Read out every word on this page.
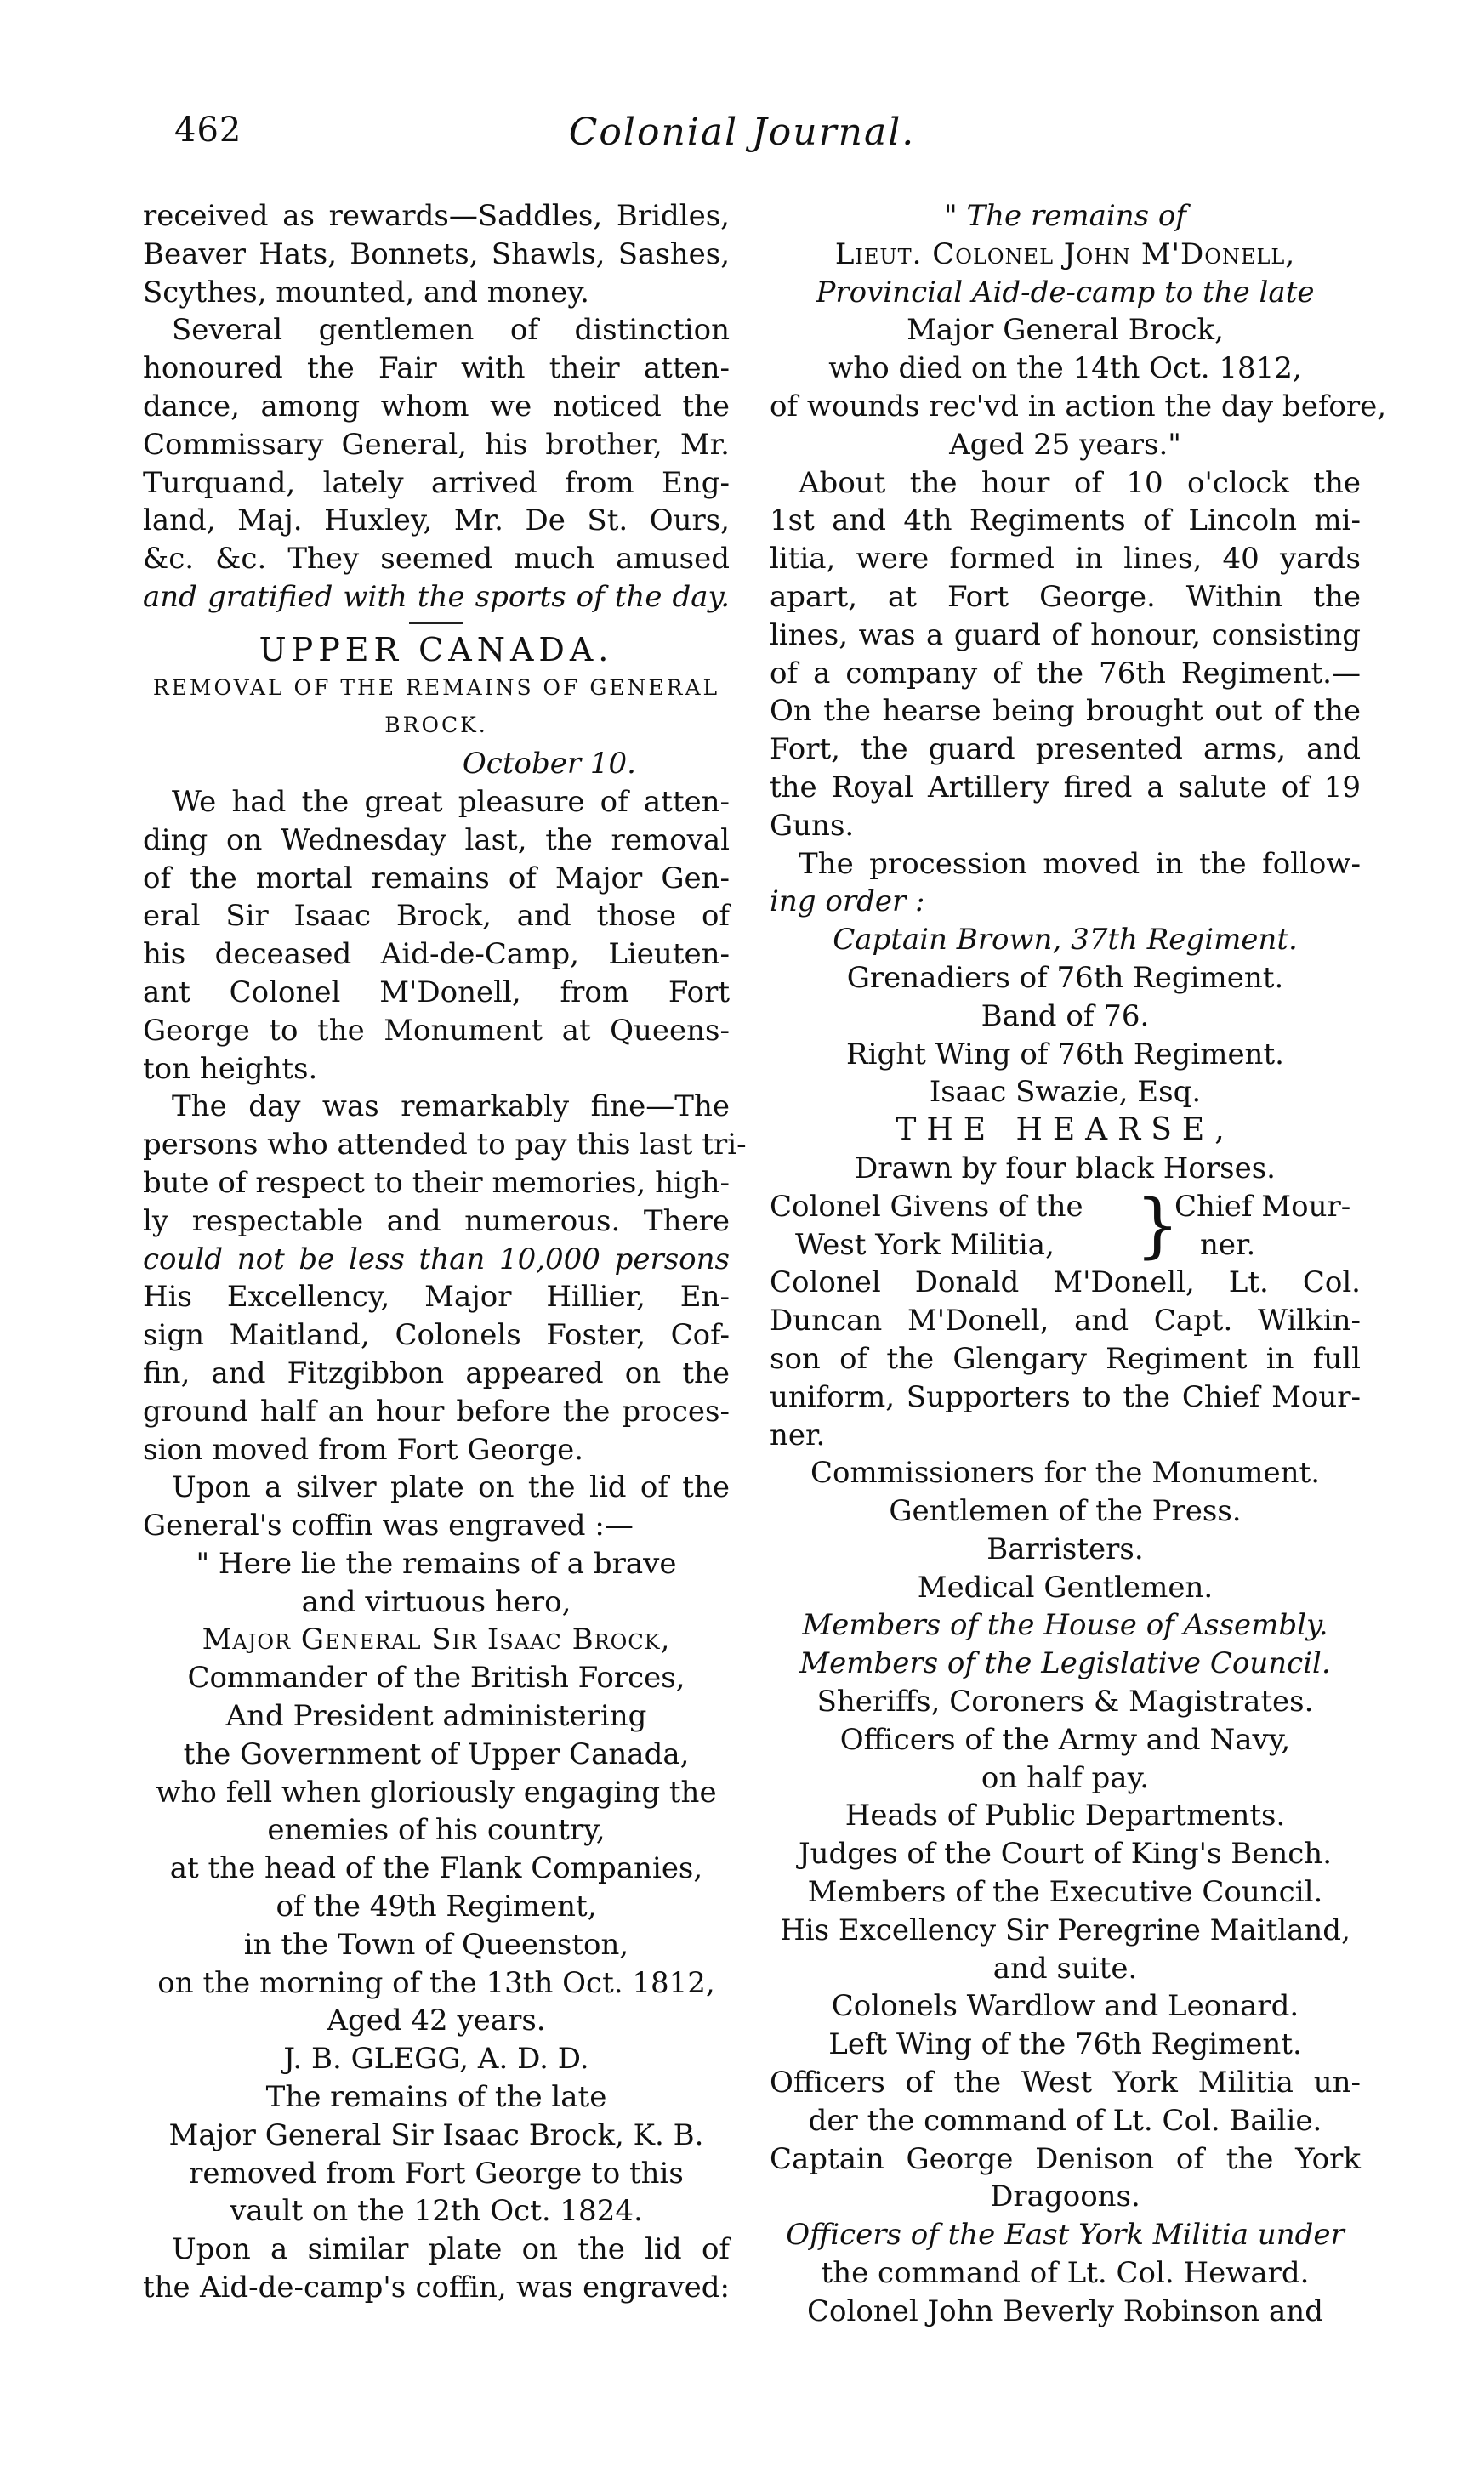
462	Colonial Journal.
received as rewards—Saddles, Bridles,
Beaver Hats, Bonnets, Shawls, Sashes,
Scythes, mounted, and money.
Several gentlemen of distinction
honoured the Fair with their atten-
dance, among whom we noticed the
Commissary General, his brother, Mr.
Turquand, lately arrived from Eng-
land, Maj. Huxley, Mr. De St. Ours,
&c. &c. They seemed much amused
and gratified with the sports of the day.
UPPER CANADA.
REMOVAL OF THE REMAINS OF GENERAL
BROCK.
October 10.
We had the great pleasure of atten-
ding on Wednesday last, the removal
of the mortal remains of Major Gen-
eral Sir Isaac Brock, and those of
his deceased Aid-de-Camp, Lieuten-
ant Colonel M'Donell, from Fort
George to the Monument at Queens-
ton heights.
The day was remarkably fine—The
persons who attended to pay this last tri-
bute of respect to their memories, high-
ly respectable and numerous. There
could not be less than 10,000 persons
His Excellency, Major Hillier, En-
sign Maitland, Colonels Foster, Cof-
fin, and Fitzgibbon appeared on the
ground half an hour before the proces-
sion moved from Fort George.
Upon a silver plate on the lid of the
General's coffin was engraved :—
" Here lie the remains of a brave
and virtuous hero,
Major General Sir Isaac Brock,
Commander of the British Forces,
And President administering
the Government of Upper Canada,
who fell when gloriously engaging the
enemies of his country,
at the head of the Flank Companies,
of the 49th Regiment,
in the Town of Queenston,
on the morning of the 13th Oct. 1812,
Aged 42 years.
J. B. GLEGG, A. D. D.
The remains of the late
Major General Sir Isaac Brock, K. B.
removed from Fort George to this
vault on the 12th Oct. 1824.
Upon a similar plate on the lid of
the Aid-de-camp's coffin, was engraved:
" The remains of
Lieut. Colonel John M'Donell,
Provincial Aid-de-camp to the late
Major General Brock,
who died on the 14th Oct. 1812,
of wounds rec'vd in action the day before,
Aged 25 years."
About the hour of 10 o'clock the
1st and 4th Regiments of Lincoln mi-
litia, were formed in lines, 40 yards
apart, at Fort George. Within the
lines, was a guard of honour, consisting
of a company of the 76th Regiment.—
On the hearse being brought out of the
Fort, the guard presented arms, and
the Royal Artillery fired a salute of 19
Guns.
The procession moved in the follow-
ing order :
Captain Brown, 37th Regiment.
Grenadiers of 76th Regiment.
Band of 76.
Right Wing of 76th Regiment.
Isaac Swazie, Esq.
THE HEARSE,
Drawn by four black Horses.
Colonel Givens of the
West York Militia,	}
Chief Mour-
ner.
Colonel Donald M'Donell, Lt. Col.
Duncan M'Donell, and Capt. Wilkin-
son of the Glengary Regiment in full
uniform, Supporters to the Chief Mour-
ner.
Commissioners for the Monument.
Gentlemen of the Press.
Barristers.
Medical Gentlemen.
Members of the House of Assembly.
Members of the Legislative Council.
Sheriffs, Coroners & Magistrates.
Officers of the Army and Navy,
on half pay.
Heads of Public Departments.
Judges of the Court of King's Bench.
Members of the Executive Council.
His Excellency Sir Peregrine Maitland,
and suite.
Colonels Wardlow and Leonard.
Left Wing of the 76th Regiment.
Officers of the West York Militia un-
der the command of Lt. Col. Bailie.
Captain George Denison of the York
Dragoons.
Officers of the East York Militia under
the command of Lt. Col. Heward.
Colonel John Beverly Robinson and
